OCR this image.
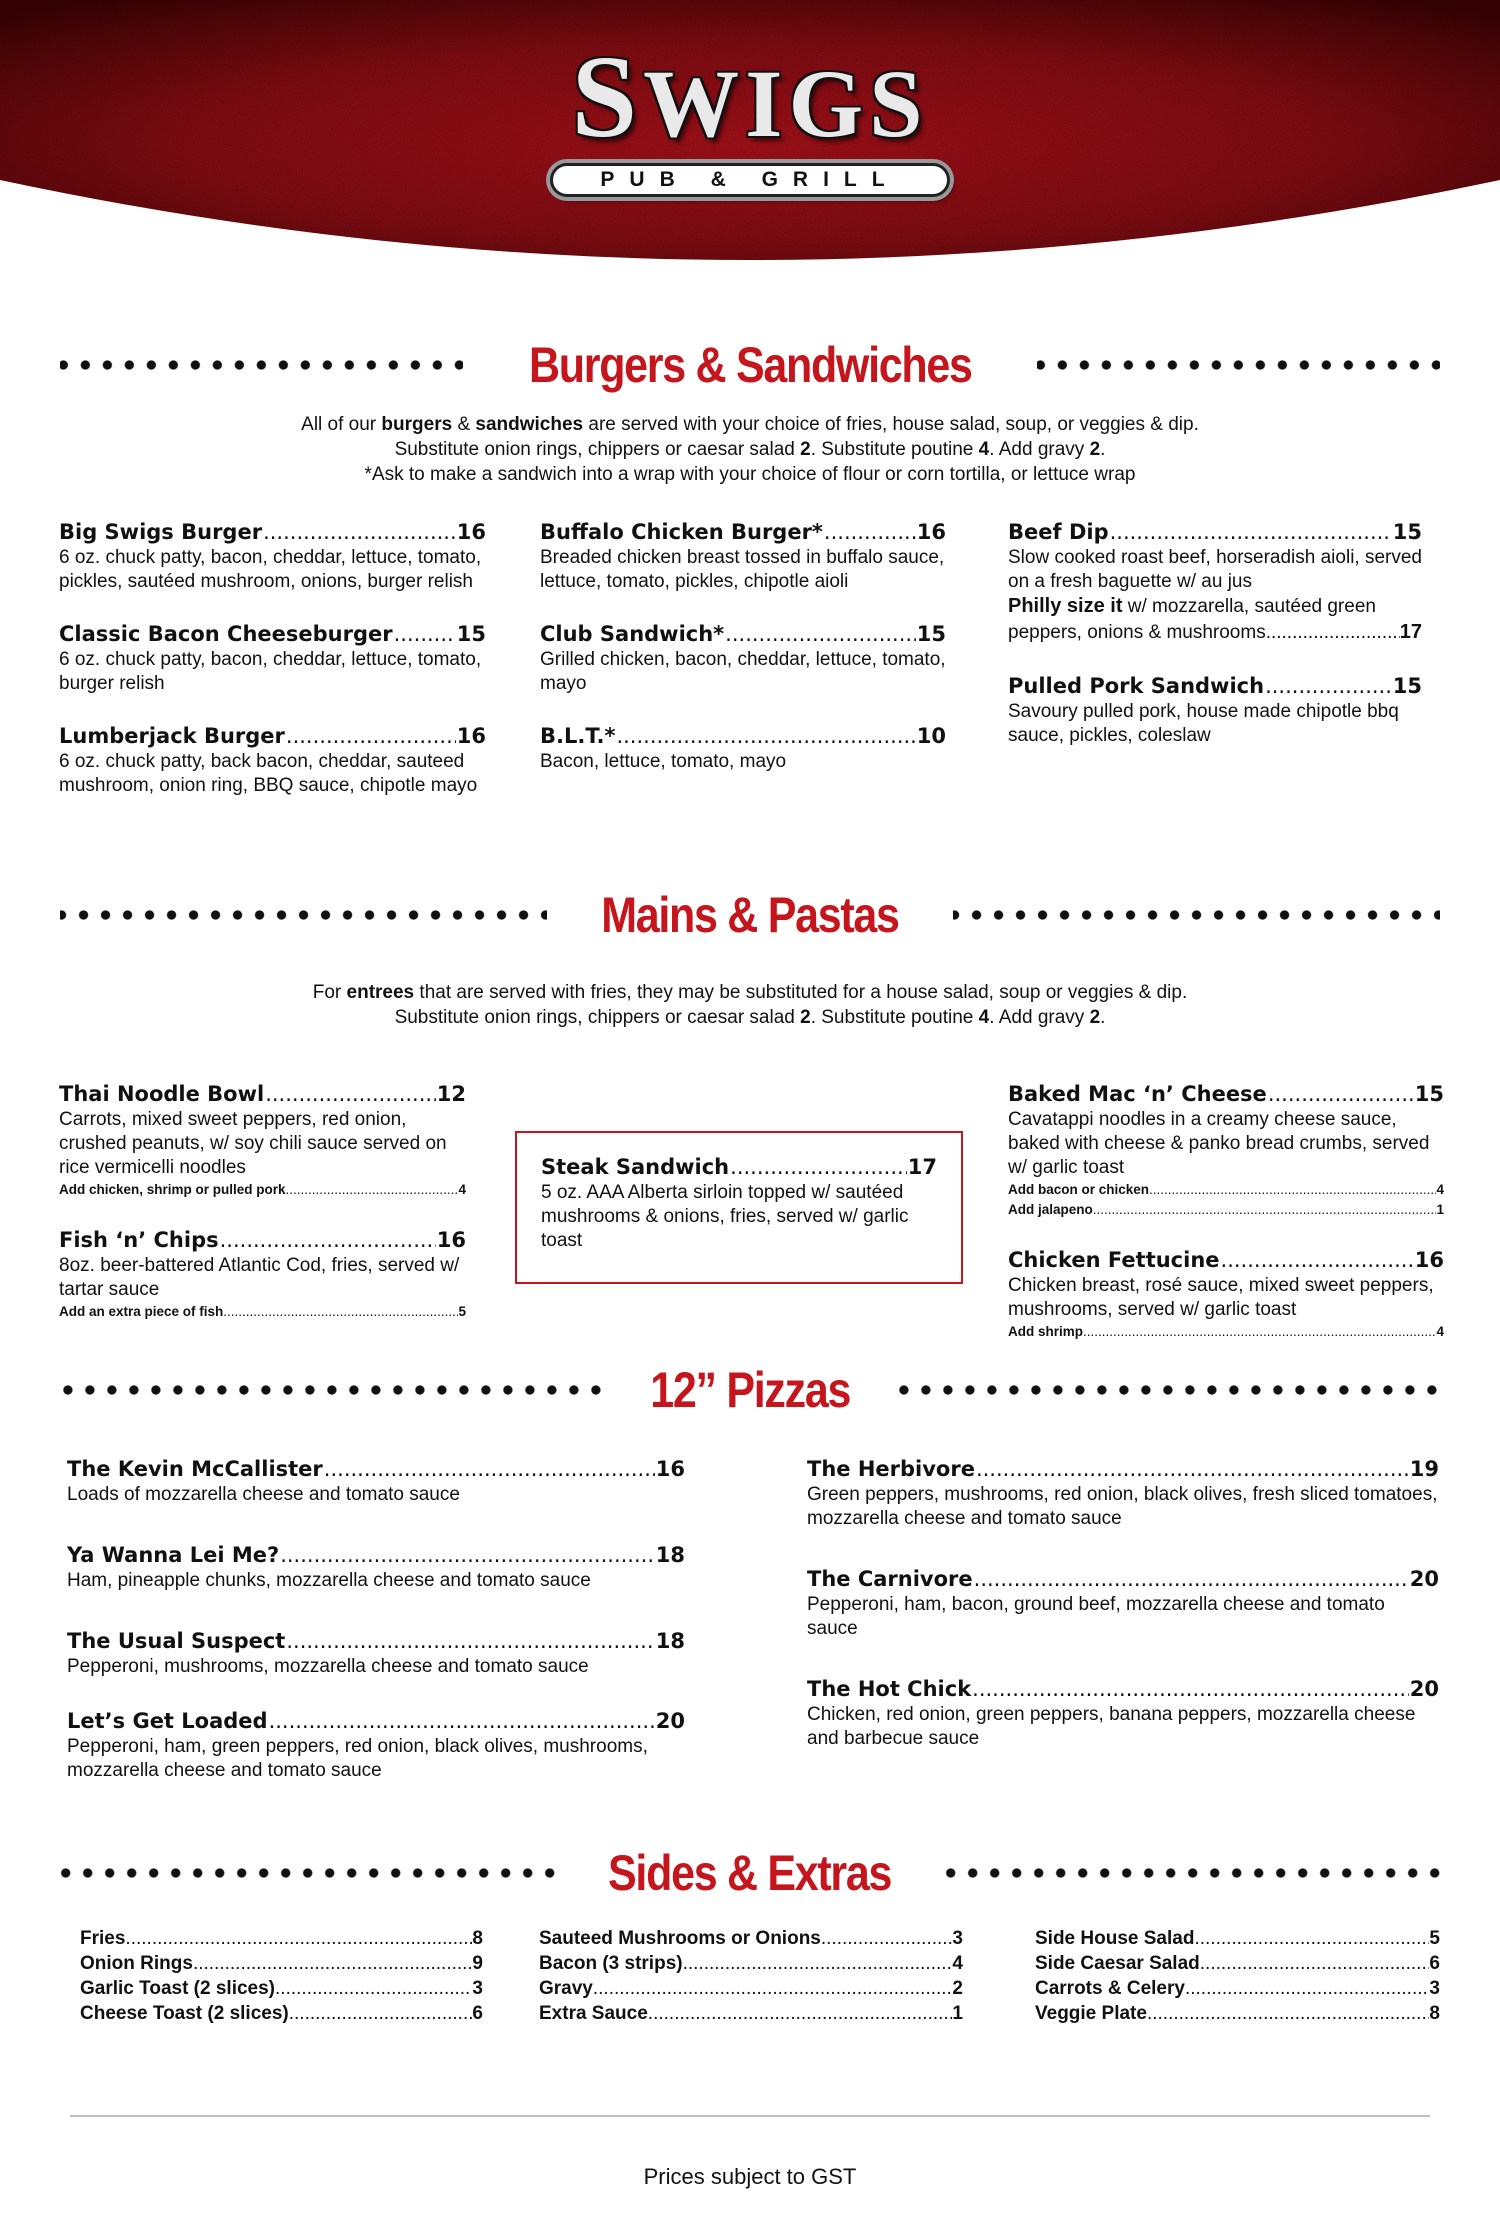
SWIGS
PUB & GRILL
Burgers & Sandwiches
All of our burgers & sandwiches are served with your choice of fries, house salad, soup, or veggies & dip.
Substitute onion rings, chippers or caesar salad 2. Substitute poutine 4. Add gravy 2.
*Ask to make a sandwich into a wrap with your choice of flour or corn tortilla, or lettuce wrap
Big Swigs Burger .....	16
6 oz. chuck patty, bacon, cheddar, lettuce, tomato, pickles, sautéed mushroom, onions, burger relish
Classic Bacon Cheeseburger .....	15
6 oz. chuck patty, bacon, cheddar, lettuce, tomato, burger relish
Lumberjack Burger .....	16
6 oz. chuck patty, back bacon, cheddar, sauteed mushroom, onion ring, BBQ sauce, chipotle mayo
Buffalo Chicken Burger* .....	16
Breaded chicken breast tossed in buffalo sauce, lettuce, tomato, pickles, chipotle aioli
Club Sandwich* .....	15
Grilled chicken, bacon, cheddar, lettuce, tomato, mayo
B.L.T.* .....	10
Bacon, lettuce, tomato, mayo
Beef Dip .....	15
Slow cooked roast beef, horseradish aioli, served on a fresh baguette w/ au jus
Philly size it w/ mozzarella, sautéed green
peppers, onions & mushrooms .....	17
Pulled Pork Sandwich .....	15
Savoury pulled pork, house made chipotle bbq sauce, pickles, coleslaw
Mains & Pastas
For entrees that are served with fries, they may be substituted for a house salad, soup or veggies & dip.
Substitute onion rings, chippers or caesar salad 2. Substitute poutine 4. Add gravy 2.
Thai Noodle Bowl .....	12
Carrots, mixed sweet peppers, red onion, crushed peanuts, w/ soy chili sauce served on rice vermicelli noodles
Add chicken, shrimp or pulled pork .....	4
Fish ‘n’ Chips .....	16
8oz. beer-battered Atlantic Cod, fries, served w/ tartar sauce
Add an extra piece of fish .....	5
Steak Sandwich .....	17
5 oz. AAA Alberta sirloin topped w/ sautéed mushrooms & onions, fries, served w/ garlic toast
Baked Mac ‘n’ Cheese .....	15
Cavatappi noodles in a creamy cheese sauce, baked with cheese & panko bread crumbs, served w/ garlic toast
Add bacon or chicken .....	4
Add jalapeno .....	1
Chicken Fettucine .....	16
Chicken breast, rosé sauce, mixed sweet peppers, mushrooms, served w/ garlic toast
Add shrimp .....	4
12” Pizzas
The Kevin McCallister .....	16
Loads of mozzarella cheese and tomato sauce
Ya Wanna Lei Me? .....	18
Ham, pineapple chunks, mozzarella cheese and tomato sauce
The Usual Suspect .....	18
Pepperoni, mushrooms, mozzarella cheese and tomato sauce
Let’s Get Loaded .....	20
Pepperoni, ham, green peppers, red onion, black olives, mushrooms, mozzarella cheese and tomato sauce
The Herbivore .....	19
Green peppers, mushrooms, red onion, black olives, fresh sliced tomatoes, mozzarella cheese and tomato sauce
The Carnivore .....	20
Pepperoni, ham, bacon, ground beef, mozzarella cheese and tomato sauce
The Hot Chick .....	20
Chicken, red onion, green peppers, banana peppers, mozzarella cheese and barbecue sauce
Sides & Extras
Fries .....	8
Onion Rings .....	9
Garlic Toast (2 slices) .....	3
Cheese Toast (2 slices) .....	6
Sauteed Mushrooms or Onions .....	3
Bacon (3 strips) .....	4
Gravy .....	2
Extra Sauce .....	1
Side House Salad .....	5
Side Caesar Salad .....	6
Carrots & Celery .....	3
Veggie Plate .....	8
Prices subject to GST
